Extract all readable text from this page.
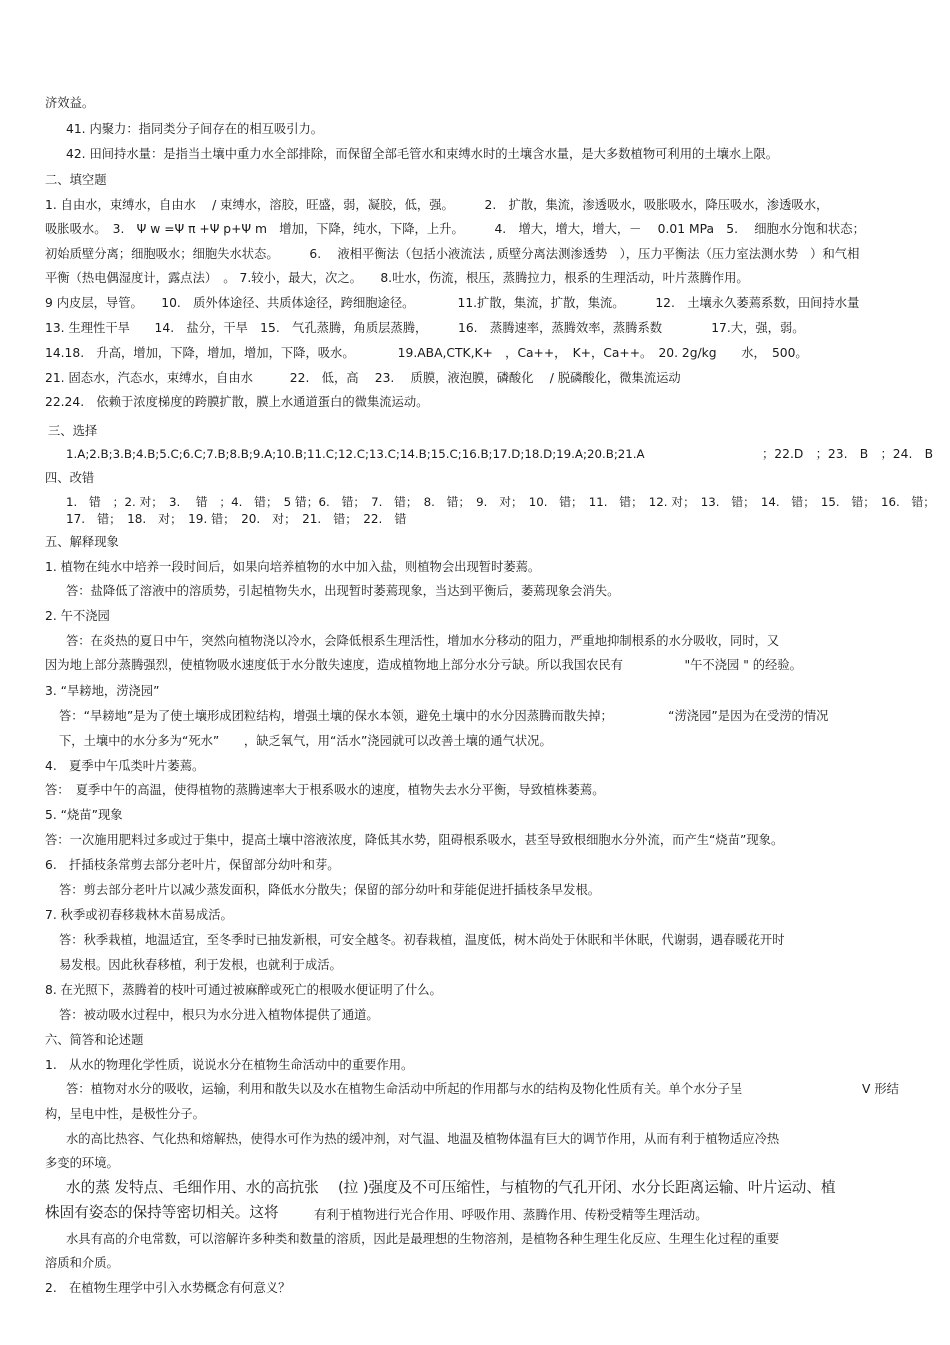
济效益。
41. 内聚力：指同类分子间存在的相互吸引力。
42. 田间持水量：是指当土壤中重力水全部排除，而保留全部毛管水和束缚水时的土壤含水量，是大多数植物可利用的土壤水上限。
二、填空题
1. 自由水，束缚水，自由水　 / 束缚水，溶胶，旺盛，弱，凝胶，低，强。　　　2.　扩散，集流，渗透吸水，吸胀吸水，降压吸水，渗透吸水，
吸胀吸水。　3.　Ψ w =Ψ π +Ψ p+Ψ m　增加，下降，纯水，下降，上升。　　　4.　增大，增大，增大，－　 0.01 MPa　5.　 细胞水分饱和状态；
初始质壁分离；细胞吸水；细胞失水状态。　　　6.　 液相平衡法（包括小液流法 , 质壁分离法测渗透势　），压力平衡法（压力室法测水势　）和气相
平衡（热电偶湿度计，露点法）　。 7.较小，最大，次之。　　8.吐水，伤流，根压，蒸腾拉力，根系的生理活动，叶片蒸腾作用。
9 内皮层，导管。　　10.　质外体途径、共质体途径，跨细胞途径。　　　　11.扩散，集流，扩散，集流。　　　12.　土壤永久萎蔫系数，田间持水量
13. 生理性干旱　　14.　盐分，干旱　15.　气孔蒸腾，角质层蒸腾，　　　16.　蒸腾速率，蒸腾效率，蒸腾系数　　　　17.大，强，弱。
14.18.　升高，增加，下降，增加，增加，下降，吸水。　　　　19.ABA,CTK,K+　，Ca++，　K+，Ca++。　20. 2g/kg　　水，　500。
21. 固态水，汽态水，束缚水，自由水　　　22.　低，高　 23.　 质膜，液泡膜，磷酸化　 / 脱磷酸化，微集流运动
22.24.　依赖于浓度梯度的跨膜扩散，膜上水通道蛋白的微集流运动。
三、选择
1.A;2.B;3.B;4.B;5.C;6.C;7.B;8.B;9.A;10.B;11.C;12.C;13.C;14.B;15.C;16.B;17.D;18.D;19.A;20.B;21.A	；22.D　；23.　B　；24.　B
四、改错
1.　错　；2. 对；　3.　 错　；4.　错；　5 错；6.　错；　7.　错；　8.　错；　9.　对；　10.　错；　11.　错；　12. 对；　13.　错；　14.　错；　15.　错；　16.　错；
17.　错；　18.　对；　19. 错；　20.　对；　21.　错；　22.　错
五、解释现象
1. 植物在纯水中培养一段时间后，如果向培养植物的水中加入盐，则植物会出现暂时萎蔫。
答：盐降低了溶液中的溶质势，引起植物失水，出现暂时萎蔫现象，当达到平衡后，萎蔫现象会消失。
2. 午不浇园
答：在炎热的夏日中午，突然向植物浇以冷水，会降低根系生理活性，增加水分移动的阻力，严重地抑制根系的水分吸收，同时，又
因为地上部分蒸腾强烈，使植物吸水速度低于水分散失速度，造成植物地上部分水分亏缺。所以我国农民有　　　　　"午不浇园 " 的经验。
3. “旱耪地，涝浇园”
答：“旱耪地”是为了使土壤形成团粒结构，增强土壤的保水本领，避免土壤中的水分因蒸腾而散失掉；　　　　　“涝浇园”是因为在受涝的情况
下，土壤中的水分多为“死水”　　，缺乏氧气，用“活水”浇园就可以改善土壤的通气状况。
4.　夏季中午瓜类叶片萎蔫。
答：　夏季中午的高温，使得植物的蒸腾速率大于根系吸水的速度，植物失去水分平衡，导致植株萎蔫。
5. “烧苗”现象
答：一次施用肥料过多或过于集中，提高土壤中溶液浓度，降低其水势，阻碍根系吸水，甚至导致根细胞水分外流，而产生“烧苗”现象。
6.　扦插枝条常剪去部分老叶片，保留部分幼叶和芽。
答：剪去部分老叶片以减少蒸发面积，降低水分散失；保留的部分幼叶和芽能促进扦插枝条早发根。
7. 秋季或初春移栽林木苗易成活。
答：秋季栽植，地温适宜，至冬季时已抽发新根，可安全越冬。初春栽植，温度低，树木尚处于休眠和半休眠，代谢弱，遇春暖花开时
易发根。因此秋春移植，利于发根，也就利于成活。
8. 在光照下，蒸腾着的枝叶可通过被麻醉或死亡的根吸水便证明了什么。
答：被动吸水过程中，根只为水分进入植物体提供了通道。
六、简答和论述题
1.　从水的物理化学性质，说说水分在植物生命活动中的重要作用。
答：植物对水分的吸收，运输，利用和散失以及水在植物生命活动中所起的作用都与水的结构及物化性质有关。单个水分子呈	V 形结
构，呈电中性，是极性分子。
水的高比热容、气化热和熔解热，使得水可作为热的缓冲剂，对气温、地温及植物体温有巨大的调节作用，从而有利于植物适应冷热
多变的环境。
水的蒸 发特点、毛细作用、水的高抗张　 (拉 )强度及不可压缩性，与植物的气孔开闭、水分长距离运输、叶片运动、植
株固有姿态的保持等密切相关。这将	有利于植物进行光合作用、呼吸作用、蒸腾作用、传粉受精等生理活动。
水具有高的介电常数，可以溶解许多种类和数量的溶质，因此是最理想的生物溶剂，是植物各种生理生化反应、生理生化过程的重要
溶质和介质。
2.　在植物生理学中引入水势概念有何意义？
